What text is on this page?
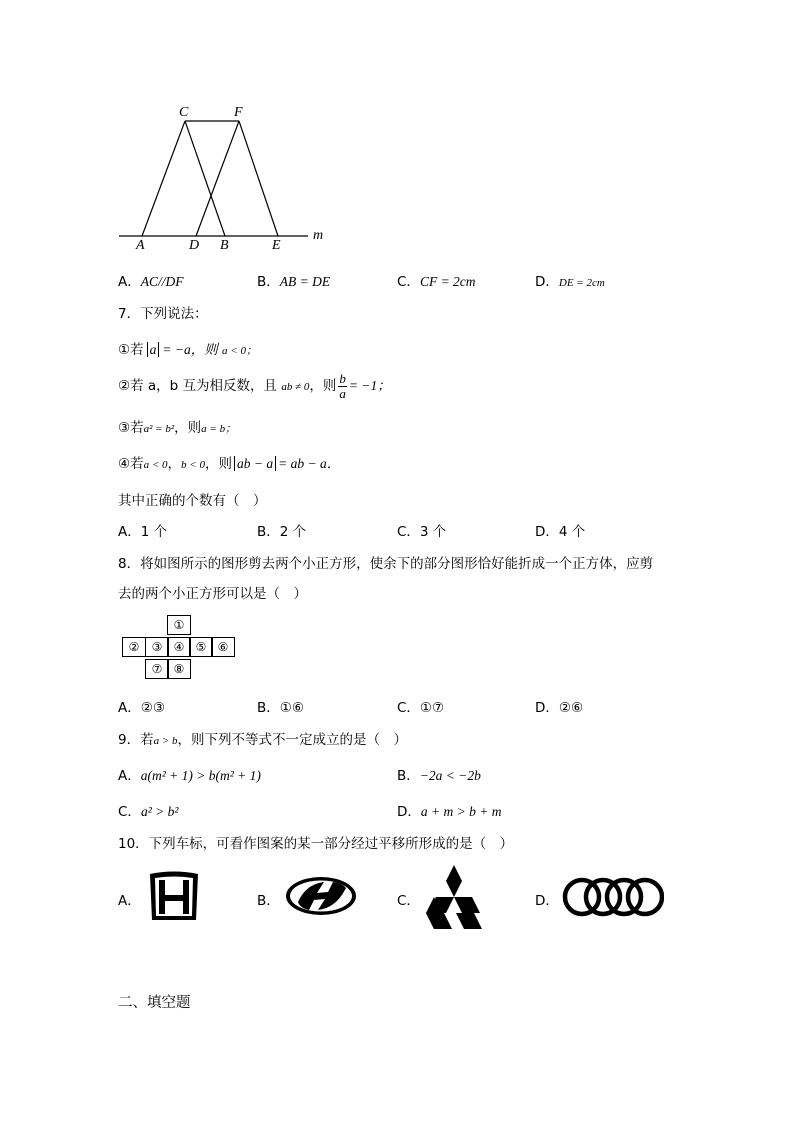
C	F
A	D B	E
m
A．AC//DF	B．AB = DE	C．CF = 2cm	D．DE = 2cm
7．下列说法：
①若 a = −a，则 a < 0；
②若 a，b 互为相反数，且 ab ≠ 0，则 $\frac{b}{a} = -1$；
③若a² = b²，则a = b；
④若a < 0，b < 0，则 ab − a = ab − a．
其中正确的个数有（　）
A．1 个	B．2 个	C．3 个	D．4 个
8．将如图所示的图形剪去两个小正方形，使余下的部分图形恰好能折成一个正方体，应剪
去的两个小正方形可以是（　）
①
②	③ ④ ⑤ ⑥
⑦ ⑧
A．②③	B．①⑥	C．①⑦	D．②⑥
9．若a > b，则下列不等式不一定成立的是（　）
A．a(m² + 1) > b(m² + 1)	B．−2a < −2b
C．a² > b²	D．a + m > b + m
10．下列车标，可看作图案的某一部分经过平移所形成的是（　）
A．	B．	C．	D．
二、填空题
